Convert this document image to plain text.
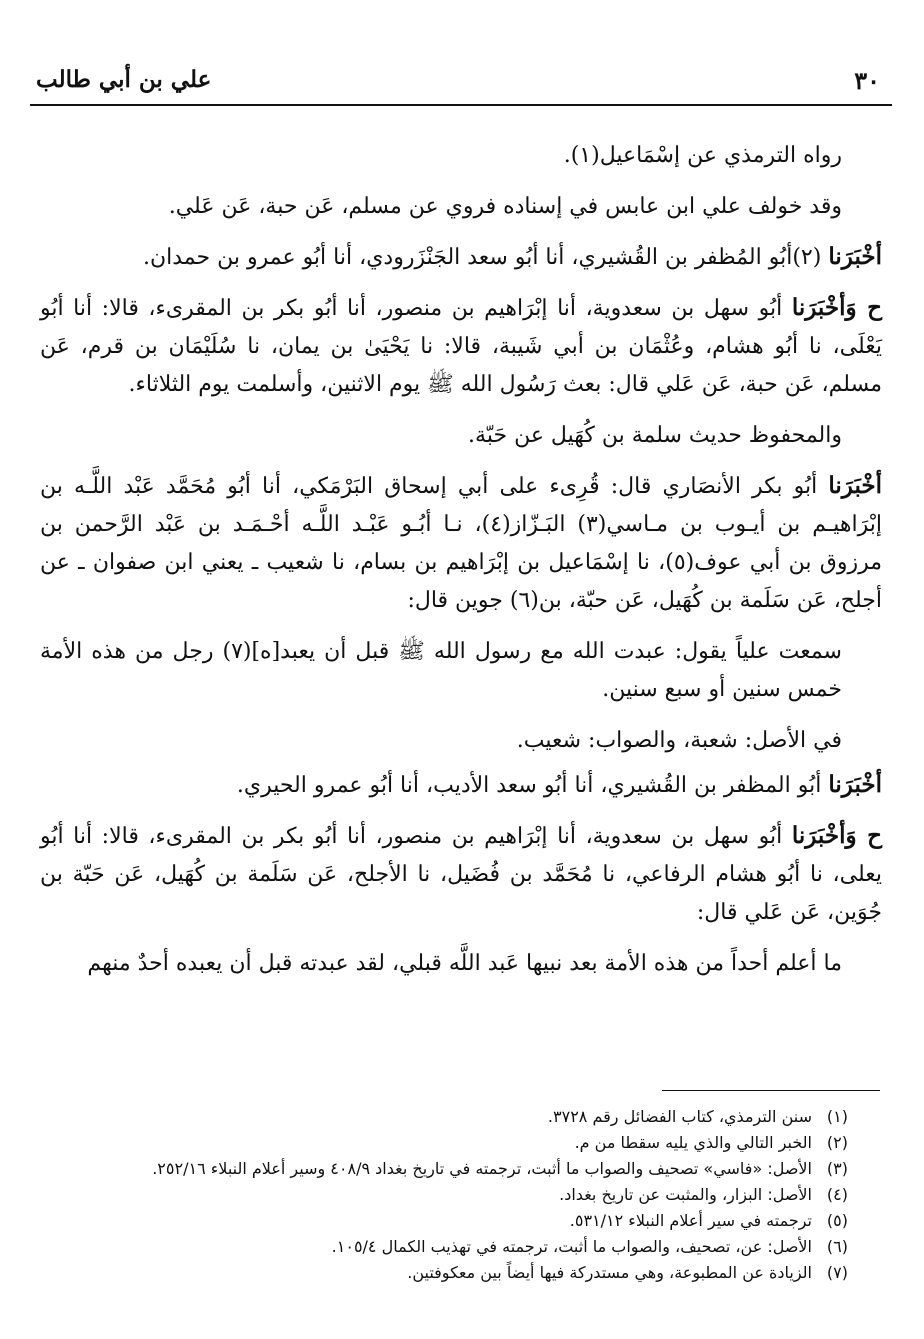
٣٠
علي بن أبي طالب

رواه الترمذي عن إسْمَاعيل(١).

وقد خولف علي ابن عابس في إسناده فروي عن مسلم، عَن حبة، عَن عَلي.

أخْبَرَنا (٢)أبُو المُظفر بن القُشيري، أنا أبُو سعد الجَنْزَرودي، أنا أبُو عمرو بن حمدان.

ح وَأخْبَرَنا أبُو سهل بن سعدوية، أنا إبْرَاهيم بن منصور، أنا أبُو بكر بن المقرىء، قالا: أنا أبُو يَعْلَى، نا أبُو هشام، وعُثْمَان بن أبي شَيبة، قالا: نا يَحْيَىٰ بن يمان، نا سُلَيْمَان بن قرم، عَن مسلم، عَن حبة، عَن عَلي قال: بعث رَسُول الله ﷺ يوم الاثنين، وأسلمت يوم الثلاثاء.

والمحفوظ حديث سلمة بن كُهَيل عن حَبّة.

أخْبَرَنا أبُو بكر الأنصَاري قال: قُرِىء على أبي إسحاق البَرْمَكي، أنا أبُو مُحَمَّد عَبْد اللَّـه بن إبْرَاهيـم بن أيـوب بن مـاسي(٣) البَـزّاز(٤)، نـا أبُـو عَبْـد اللَّـه أحْـمَـد بن عَبْد الرَّحمن بن مرزوق بن أبي عوف(٥)، نا إسْمَاعيل بن إبْرَاهيم بن بسام، نا شعيب ـ يعني ابن صفوان ـ عن أجلح، عَن سَلَمة بن كُهَيل، عَن حبّة، بن(٦) جوين قال:

سمعت علياً يقول: عبدت الله مع رسول الله ﷺ قبل أن يعبد[ه](٧) رجل من هذه الأمة خمس سنين أو سبع سنين.

في الأصل: شعبة، والصواب: شعيب.

أخْبَرَنا أبُو المظفر بن القُشيري، أنا أبُو سعد الأديب، أنا أبُو عمرو الحيري.

ح وَأخْبَرَنا أبُو سهل بن سعدوية، أنا إبْرَاهيم بن منصور، أنا أبُو بكر بن المقرىء، قالا: أنا أبُو يعلى، نا أبُو هشام الرفاعي، نا مُحَمَّد بن فُضَيل، نا الأجلح، عَن سَلَمة بن كُهَيل، عَن حَبّة بن جُوَين، عَن عَلي قال:

ما أعلم أحداً من هذه الأمة بعد نبيها عَبد اللَّه قبلي، لقد عبدته قبل أن يعبده أحدٌ منهم

(١)
سنن الترمذي، كتاب الفضائل رقم ٣٧٢٨.
(٢)
الخبر التالي والذي يليه سقطا من م.
(٣)
الأصل: «فاسي» تصحيف والصواب ما أثبت، ترجمته في تاريخ بغداد ٤٠٨/٩ وسير أعلام النبلاء ٢٥٢/١٦.
(٤)
الأصل: البزار، والمثبت عن تاريخ بغداد.
(٥)
ترجمته في سير أعلام النبلاء ٥٣١/١٢.
(٦)
الأصل: عن، تصحيف، والصواب ما أثبت، ترجمته في تهذيب الكمال ١٠٥/٤.
(٧)
الزيادة عن المطبوعة، وهي مستدركة فيها أيضاً بين معكوفتين.
